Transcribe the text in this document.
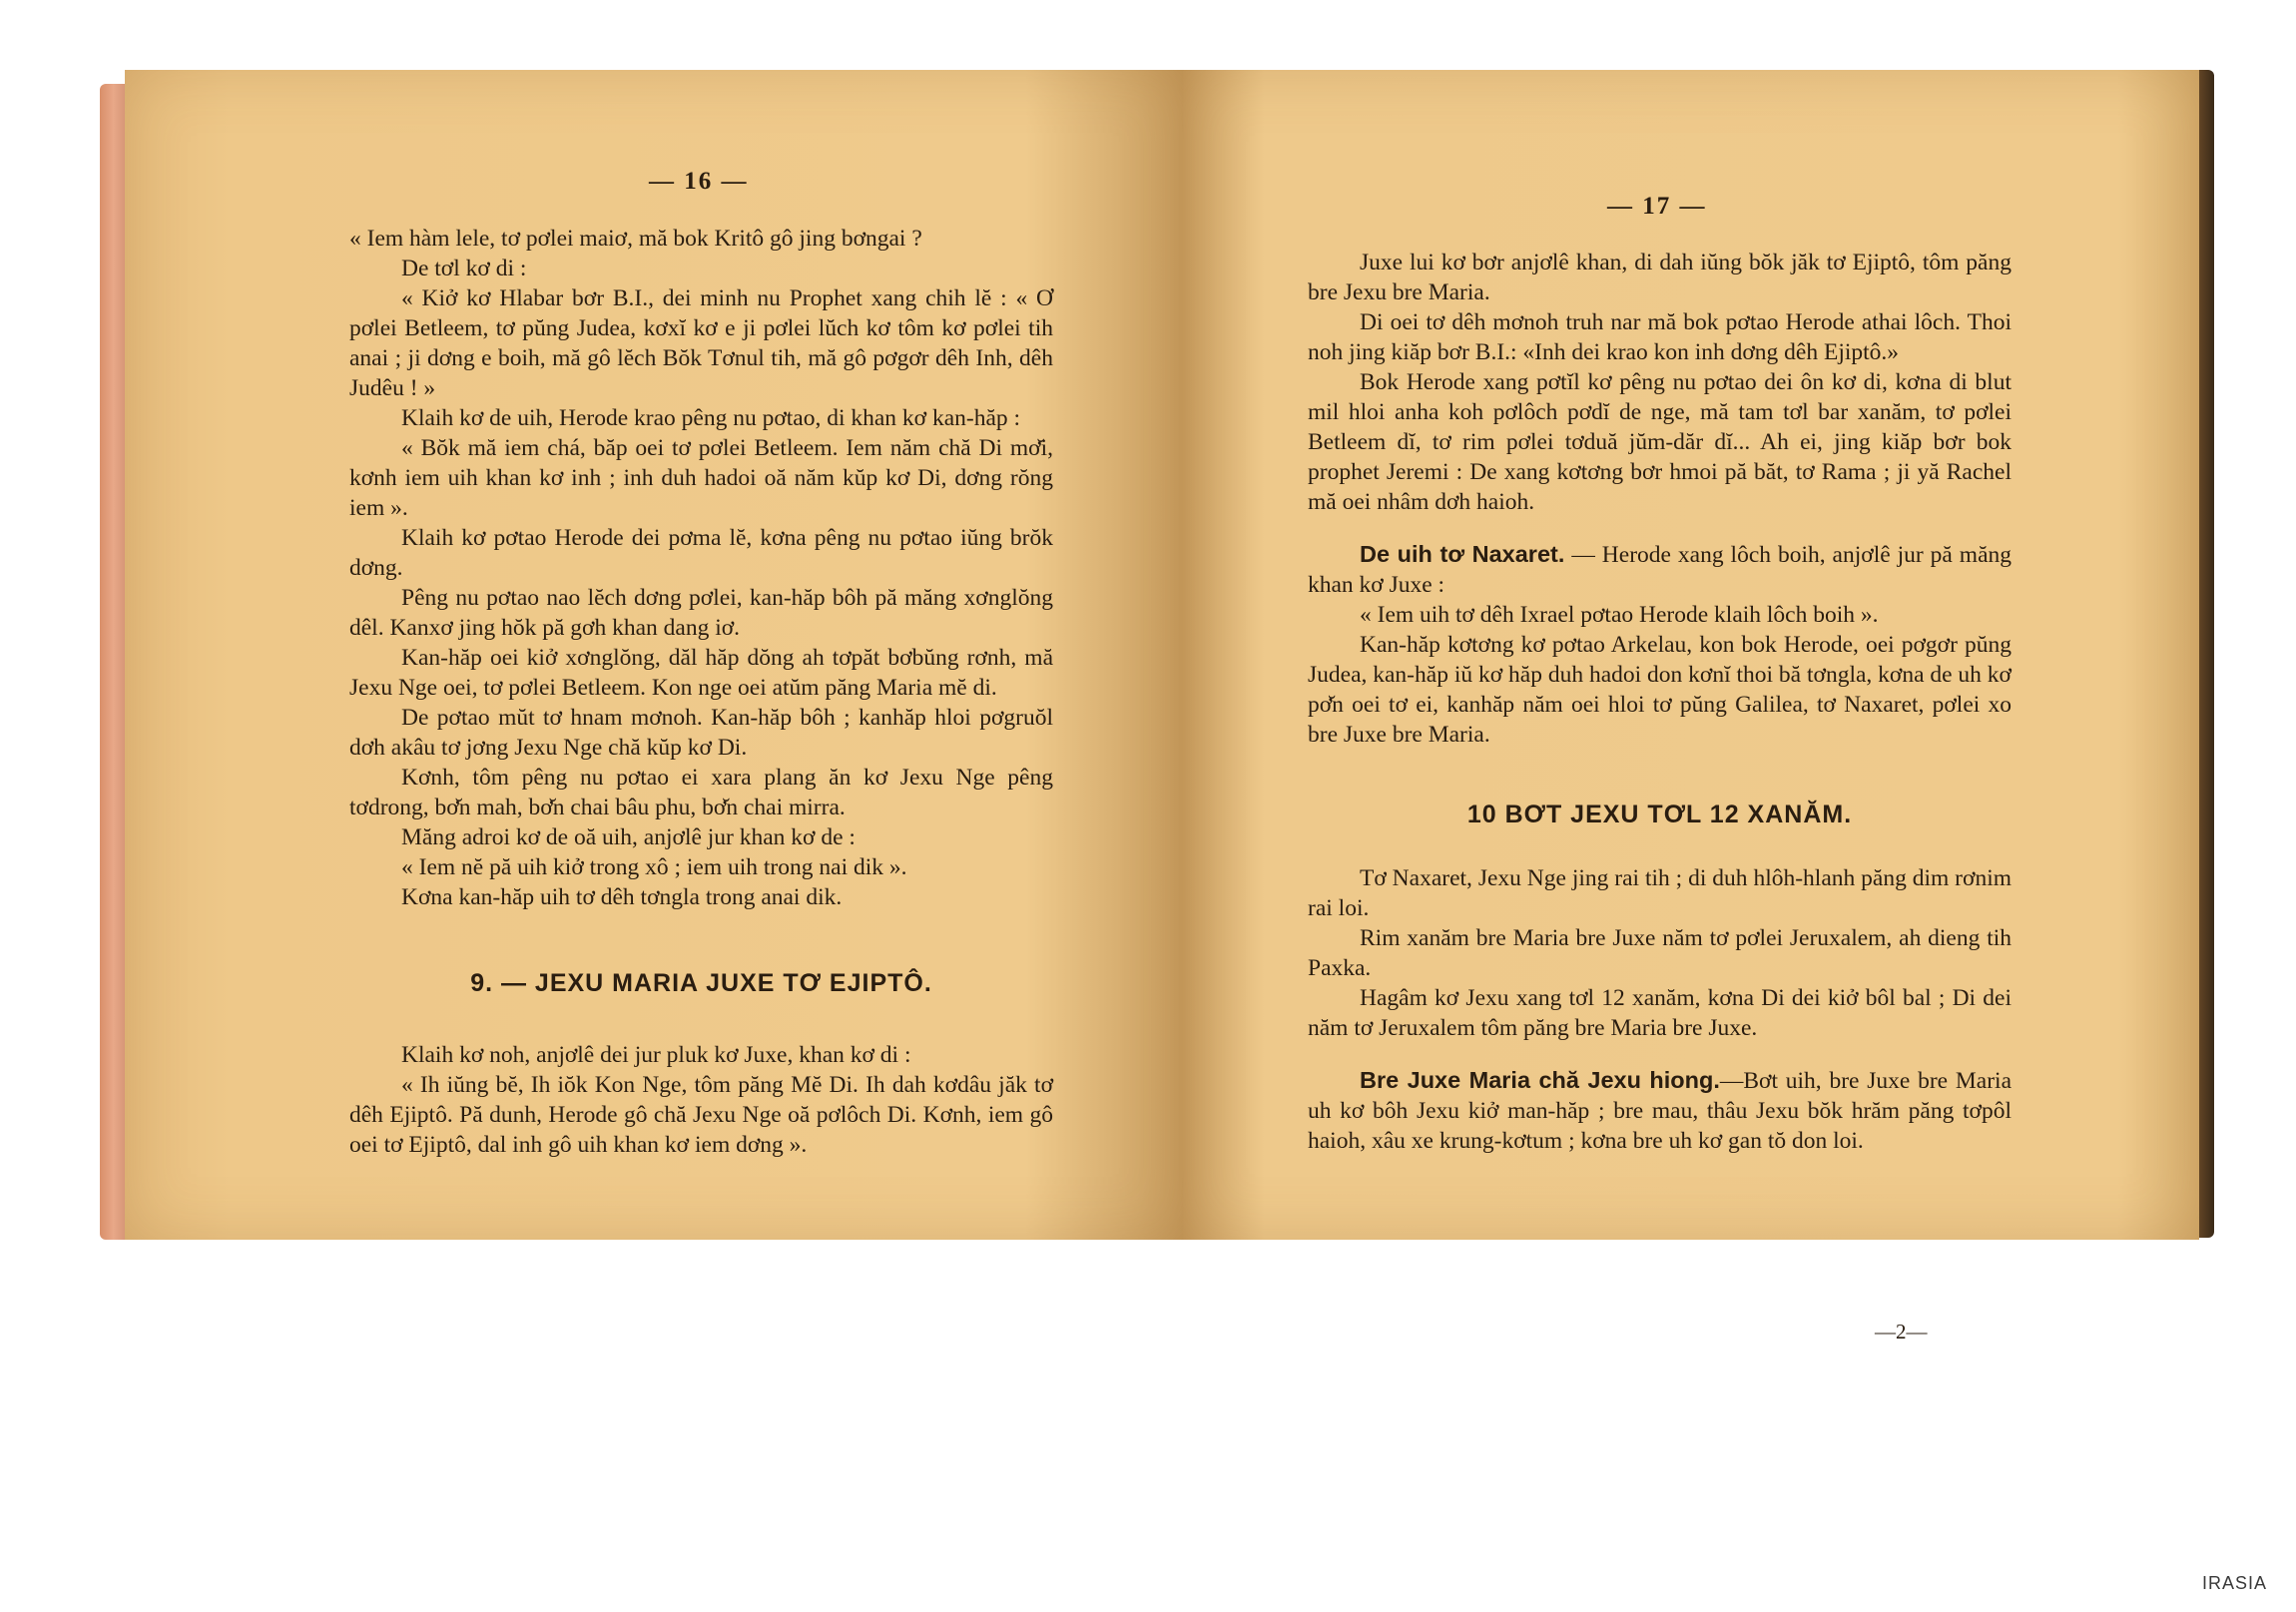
— 16 —
— 17 —

« Iem hàm lele, tơ pơlei maiơ, mă bok Kritô gô jing bơngai ?

De tơl kơ di :

« Kiở kơ Hlabar bơr B.I., dei minh nu Prophet xang chih lĕ : « Ơ pơlei Betleem, tơ pŭng Judea, kơxĭ kơ e ji pơlei lŭch kơ tôm kơ pơlei tih anai ; ji dơng e boih, mă gô lĕch Bŏk Tơnul tih, mă gô pơgơr dêh Inh, dêh Judêu ! »

Klaih kơ de uih, Herode krao pêng nu pơtao, di khan kơ kan-hăp :

« Bŏk mă iem chá, băp oei tơ pơlei Betleem. Iem năm chă Di mơ̆i, kơnh iem uih khan kơ inh ; inh duh hadoi oă năm kŭp kơ Di, dơng rŏng iem ».

Klaih kơ pơtao Herode dei pơma lĕ, kơna pêng nu pơtao iŭng brŏk dơng.

Pêng nu pơtao nao lĕch dơng pơlei, kan-hăp bôh pă măng xơnglŏng dêl. Kanxơ jing hŏk pă gơh khan dang iơ.

Kan-hăp oei kiở xơnglŏng, dăl hăp dŏng ah tơpăt bơbŭng rơnh, mă Jexu Nge oei, tơ pơlei Betleem. Kon nge oei atŭm păng Maria mĕ di.

De pơtao mŭt tơ hnam mơnoh. Kan-hăp bôh ; kanhăp hloi pơgruŏl dơh akâu tơ jơng Jexu Nge chă kŭp kơ Di.

Kơnh, tôm pêng nu pơtao ei xara plang ăn kơ Jexu Nge pêng tơdrong, bơ̆n mah, bơ̆n chai bâu phu, bơ̆n chai mirra.

Măng adroi kơ de oă uih, anjơlê jur khan kơ de :

« Iem nĕ pă uih kiở trong xô ; iem uih trong nai dik ».

Kơna kan-hăp uih tơ dêh tơngla trong anai dik.

9. — JEXU MARIA JUXE TƠ EJIPTÔ.

Klaih kơ noh, anjơlê dei jur pluk kơ Juxe, khan kơ di :

« Ih iŭng bĕ, Ih iŏk Kon Nge, tôm păng Mĕ Di. Ih dah kơdâu jăk tơ dêh Ejiptô. Pă dunh, Herode gô chă Jexu Nge oă pơlôch Di. Kơnh, iem gô oei tơ Ejiptô, dal inh gô uih khan kơ iem dơng ».

Juxe lui kơ bơr anjơlê khan, di dah iŭng bŏk jăk tơ Ejiptô, tôm păng bre Jexu bre Maria.

Di oei tơ dêh mơnoh truh nar mă bok pơtao Herode athai lôch. Thoi noh jing kiăp bơr B.I.: «Inh dei krao kon inh dơng dêh Ejiptô.»

Bok Herode xang pơtĭl kơ pêng nu pơtao dei ôn kơ di, kơna di blut mil hloi anha koh pơlôch pơdĭ de nge, mă tam tơl bar xanăm, tơ pơlei Betleem dĭ, tơ rim pơlei tơduă jŭm-dăr dĭ... Ah ei, jing kiăp bơr bok prophet Jeremi : De xang kơtơng bơr hmoi pă băt, tơ Rama ; ji yă Rachel mă oei nhâm dơh haioh.

De uih tơ Naxaret. — Herode xang lôch boih, anjơlê jur pă măng khan kơ Juxe :

« Iem uih tơ dêh Ixrael pơtao Herode klaih lôch boih ».

Kan-hăp kơtơng kơ pơtao Arkelau, kon bok Herode, oei pơgơr pŭng Judea, kan-hăp iŭ kơ hăp duh hadoi don kơnĭ thoi bă tơngla, kơna de uh kơ pơ̆n oei tơ ei, kanhăp năm oei hloi tơ pŭng Galilea, tơ Naxaret, pơlei xo bre Juxe bre Maria.

10 BƠT JEXU TƠL 12 XANĂM.

Tơ Naxaret, Jexu Nge jing rai tih ; di duh hlôh-hlanh păng dim rơnim rai loi.

Rim xanăm bre Maria bre Juxe năm tơ pơlei Jeruxalem, ah dieng tih Paxka.

Hagâm kơ Jexu xang tơl 12 xanăm, kơna Di dei kiở bôl bal ; Di dei năm tơ Jeruxalem tôm păng bre Maria bre Juxe.

Bre Juxe Maria chă Jexu hiong.—Bơt uih, bre Juxe bre Maria uh kơ bôh Jexu kiở man-hăp ; bre mau, thâu Jexu bŏk hrăm păng tơpôl haioh, xâu xe krung-kơtum ; kơna bre uh kơ gan tŏ don loi.

—2—
IRASIA
